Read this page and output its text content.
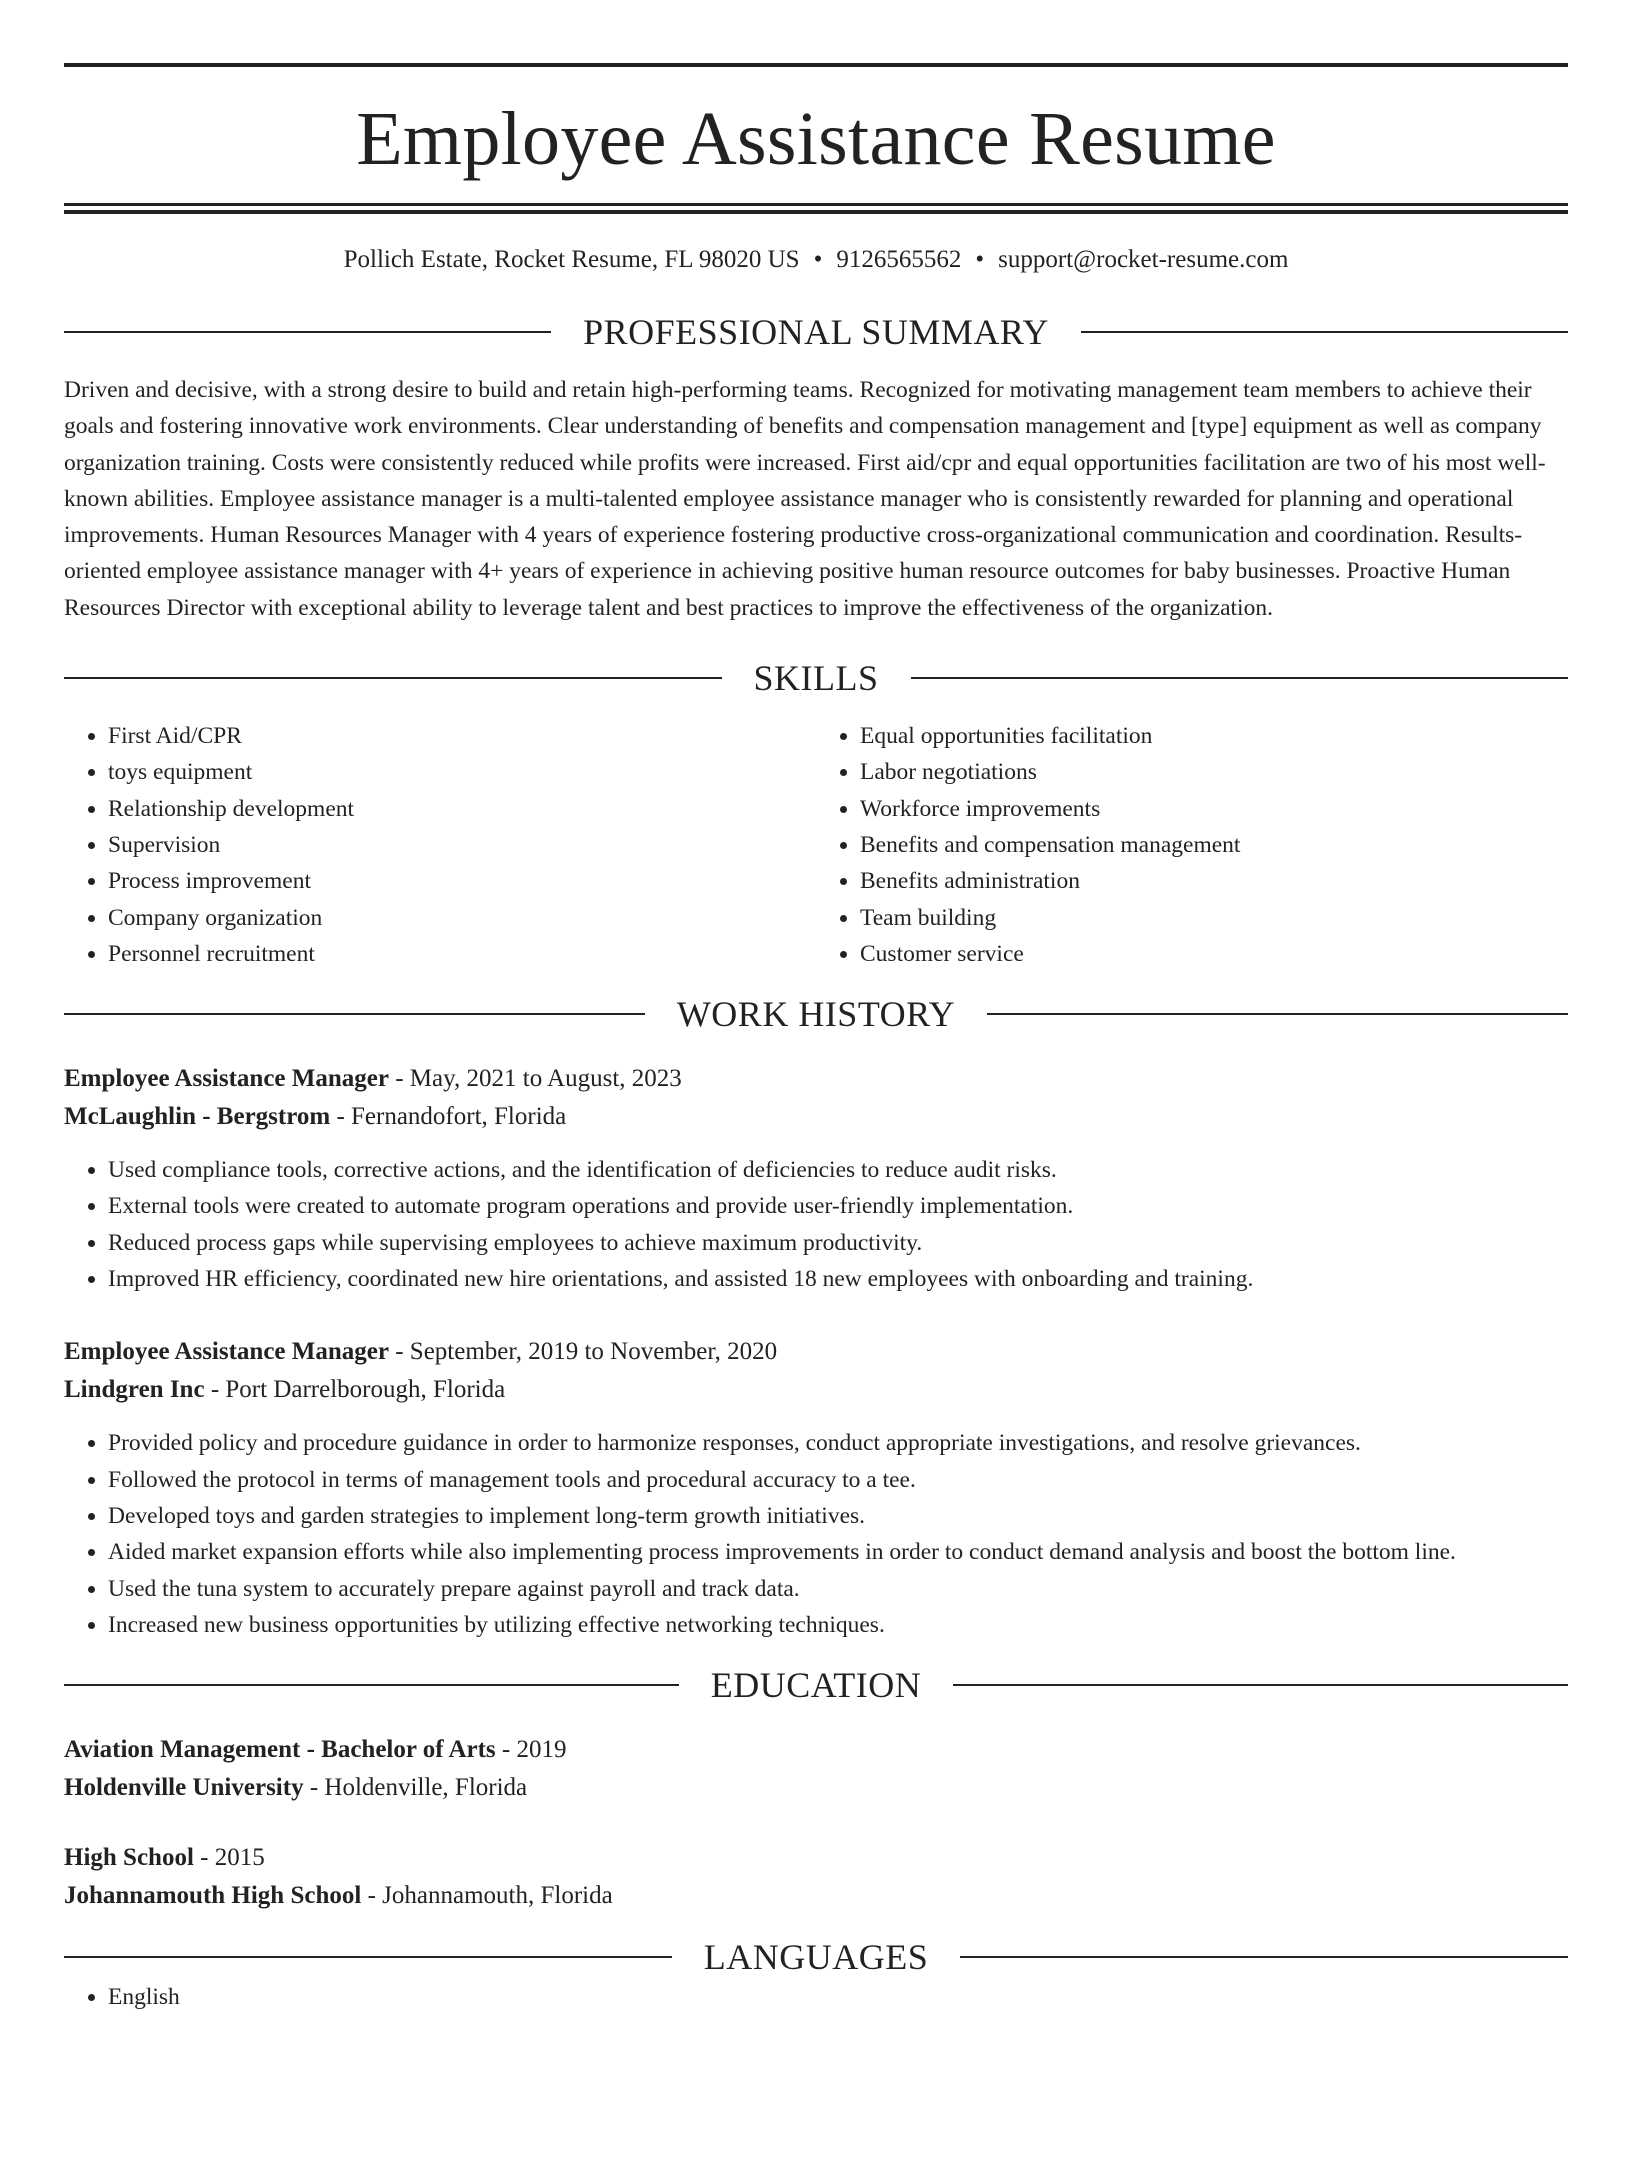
Employee Assistance Resume
Pollich Estate, Rocket Resume, FL 98020 US • 9126565562 • support@rocket-resume.com
PROFESSIONAL SUMMARY

Driven and decisive, with a strong desire to build and retain high-performing teams. Recognized for motivating management team members to achieve their goals and fostering innovative work environments. Clear understanding of benefits and compensation management and [type] equipment as well as company organization training. Costs were consistently reduced while profits were increased. First aid/cpr and equal opportunities facilitation are two of his most well-known abilities. Employee assistance manager is a multi-talented employee assistance manager who is consistently rewarded for planning and operational improvements. Human Resources Manager with 4 years of experience fostering productive cross-organizational communication and coordination. Results-oriented employee assistance manager with 4+ years of experience in achieving positive human resource outcomes for baby businesses. Proactive Human Resources Director with exceptional ability to leverage talent and best practices to improve the effectiveness of the organization.

SKILLS
• First Aid/CPR
• toys equipment
• Relationship development
• Supervision
• Process improvement
• Company organization
• Personnel recruitment
• Equal opportunities facilitation
• Labor negotiations
• Workforce improvements
• Benefits and compensation management
• Benefits administration
• Team building
• Customer service
WORK HISTORY
Employee Assistance Manager - May, 2021 to August, 2023
McLaughlin - Bergstrom - Fernandofort, Florida
• Used compliance tools, corrective actions, and the identification of deficiencies to reduce audit risks.
• External tools were created to automate program operations and provide user-friendly implementation.
• Reduced process gaps while supervising employees to achieve maximum productivity.
• Improved HR efficiency, coordinated new hire orientations, and assisted 18 new employees with onboarding and training.
Employee Assistance Manager - September, 2019 to November, 2020
Lindgren Inc - Port Darrelborough, Florida
• Provided policy and procedure guidance in order to harmonize responses, conduct appropriate investigations, and resolve grievances.
• Followed the protocol in terms of management tools and procedural accuracy to a tee.
• Developed toys and garden strategies to implement long-term growth initiatives.
• Aided market expansion efforts while also implementing process improvements in order to conduct demand analysis and boost the bottom line.
• Used the tuna system to accurately prepare against payroll and track data.
• Increased new business opportunities by utilizing effective networking techniques.
EDUCATION
Aviation Management - Bachelor of Arts - 2019
Holdenville University - Holdenville, Florida
High School - 2015
Johannamouth High School - Johannamouth, Florida
LANGUAGES
• English
